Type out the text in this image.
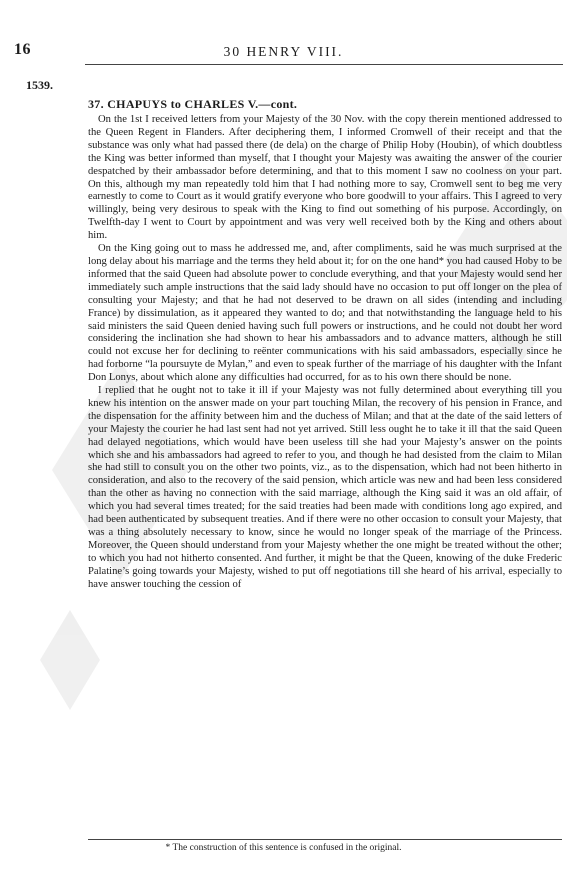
16	30 HENRY VIII.

1539.

37. CHAPUYS to CHARLES V.—cont.

On the 1st I received letters from your Majesty of the 30 Nov. with the copy therein mentioned addressed to the Queen Regent in Flanders. After deciphering them, I informed Cromwell of their receipt and that the substance was only what had passed there (de dela) on the charge of Philip Hoby (Houbin), of which doubtless the King was better informed than myself, that I thought your Majesty was awaiting the answer of the courier despatched by their ambassador before determining, and that to this moment I saw no coolness on your part. On this, although my man repeatedly told him that I had nothing more to say, Cromwell sent to beg me very earnestly to come to Court as it would gratify everyone who bore goodwill to your affairs. This I agreed to very willingly, being very desirous to speak with the King to find out something of his purpose. Accordingly, on Twelfth-day I went to Court by appointment and was very well received both by the King and others about him.

On the King going out to mass he addressed me, and, after compliments, said he was much surprised at the long delay about his marriage and the terms they held about it; for on the one hand* you had caused Hoby to be informed that the said Queen had absolute power to conclude everything, and that your Majesty would send her immediately such ample instructions that the said lady should have no occasion to put off longer on the plea of consulting your Majesty; and that he had not deserved to be drawn on all sides (intending and including France) by dissimulation, as it appeared they wanted to do; and that notwithstanding the language held to his said ministers the said Queen denied having such full powers or instructions, and he could not doubt her word considering the inclination she had shown to hear his ambassadors and to advance matters, although he still could not excuse her for declining to reënter communications with his said ambassadors, especially since he had forborne “la poursuyte de Mylan,” and even to speak further of the marriage of his daughter with the Infant Don Lonys, about which alone any difficulties had occurred, for as to his own there should be none.

I replied that he ought not to take it ill if your Majesty was not fully determined about everything till you knew his intention on the answer made on your part touching Milan, the recovery of his pension in France, and the dispensation for the affinity between him and the duchess of Milan; and that at the date of the said letters of your Majesty the courier he had last sent had not yet arrived. Still less ought he to take it ill that the said Queen had delayed negotiations, which would have been useless till she had your Majesty’s answer on the points which she and his ambassadors had agreed to refer to you, and though he had desisted from the claim to Milan she had still to consult you on the other two points, viz., as to the dispensation, which had not been hitherto in consideration, and also to the recovery of the said pension, which article was new and had been less considered than the other as having no connection with the said marriage, although the King said it was an old affair, of which you had several times treated; for the said treaties had been made with conditions long ago expired, and had been authenticated by subsequent treaties. And if there were no other occasion to consult your Majesty, that was a thing absolutely necessary to know, since he would no longer speak of the marriage of the Princess. Moreover, the Queen should understand from your Majesty whether the one might be treated without the other; to which you had not hitherto consented. And further, it might be that the Queen, knowing of the duke Frederic Palatine’s going towards your Majesty, wished to put off negotiations till she heard of his arrival, especially to have answer touching the cession of

* The construction of this sentence is confused in the original.
